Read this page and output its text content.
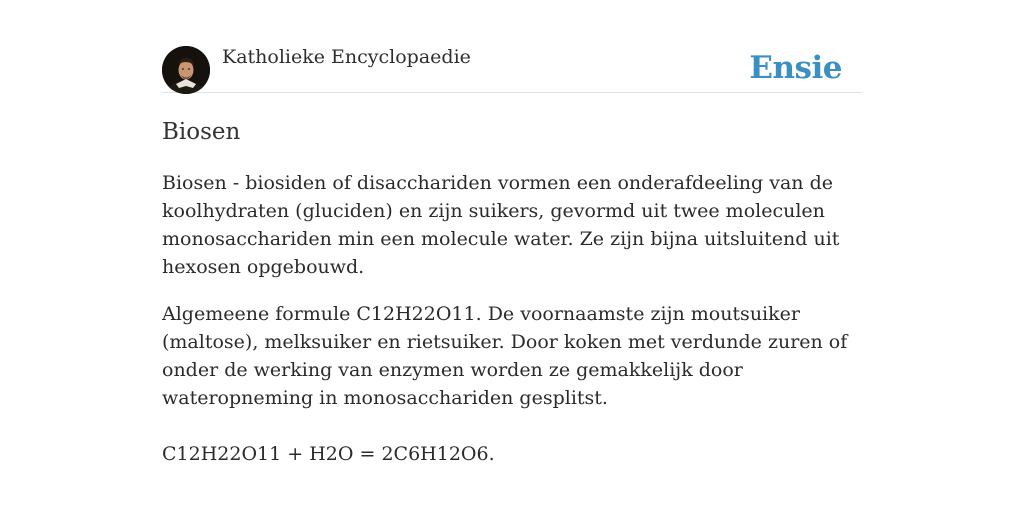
Katholieke Encyclopaedie	Ensie
Biosen

Biosen - biosiden of disacchariden vormen een onderafdeeling van de koolhydraten (gluciden) en zijn suikers, gevormd uit twee moleculen monosacchariden min een molecule water. Ze zijn bijna uitsluitend uit hexosen opgebouwd.

Algemeene formule C12H22O11. De voornaamste zijn moutsuiker (maltose), melksuiker en rietsuiker. Door koken met verdunde zuren of onder de werking van enzymen worden ze gemakkelijk door wateropneming in monosacchariden gesplitst.

C12H22O11 + H2O = 2C6H12O6.
